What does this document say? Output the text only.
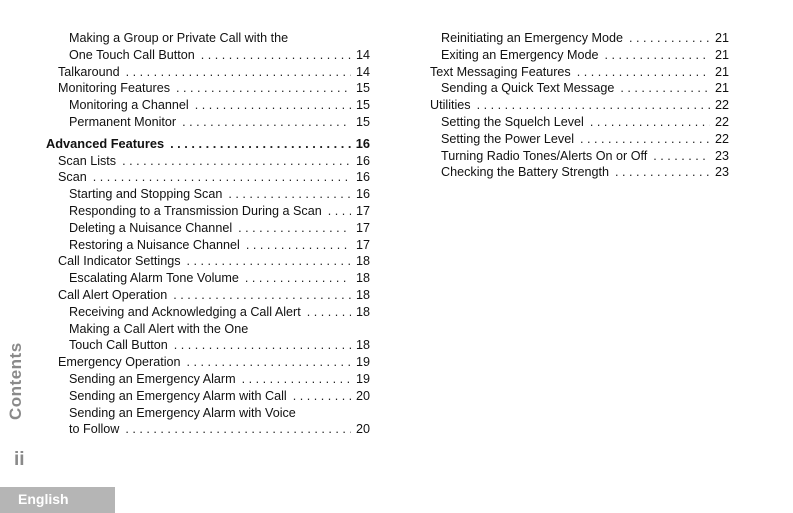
Making a Group or Private Call with the
One Touch Call Button . . .	14
Talkaround . . .	14
Monitoring Features . . .	15
Monitoring a Channel . . .	15
Permanent Monitor . . .	15
Advanced Features . . .	16
Scan Lists . . .	16
Scan . . .	16
Starting and Stopping Scan . . .	16
Responding to a Transmission During a Scan . . .	17
Deleting a Nuisance Channel . . .	17
Restoring a Nuisance Channel . . .	17
Call Indicator Settings . . .	18
Escalating Alarm Tone Volume . . .	18
Call Alert Operation . . .	18
Receiving and Acknowledging a Call Alert . . .	18
Making a Call Alert with the One
Touch Call Button . . .	18
Emergency Operation . . .	19
Sending an Emergency Alarm . . .	19
Sending an Emergency Alarm with Call . . .	20
Sending an Emergency Alarm with Voice
to Follow . . .	20
Reinitiating an Emergency Mode . . .	21
Exiting an Emergency Mode . . .	21
Text Messaging Features . . .	21
Sending a Quick Text Message . . .	21
Utilities . . .	22
Setting the Squelch Level . . .	22
Setting the Power Level . . .	22
Turning Radio Tones/Alerts On or Off . . .	23
Checking the Battery Strength . . .	23
Contents
ii
English
